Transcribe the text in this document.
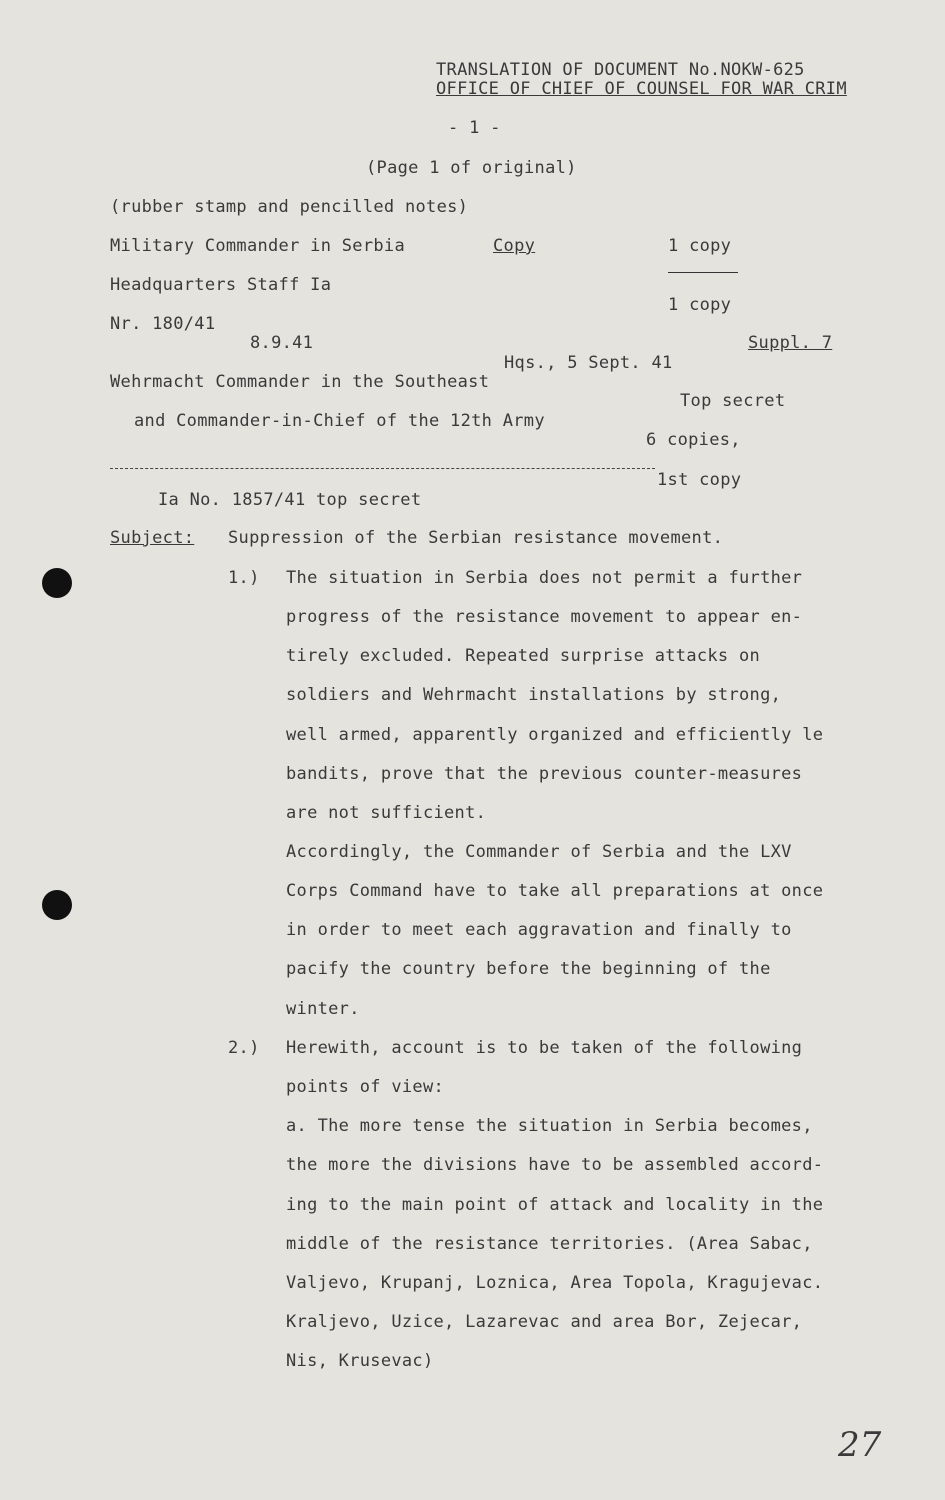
TRANSLATION OF DOCUMENT No.NOKW-625
OFFICE OF CHIEF OF COUNSEL FOR WAR CRIM
- 1 -
(Page 1 of original)
(rubber stamp and pencilled notes)
Military Commander in Serbia	Copy	1 copy
Headquarters Staff Ia
1 copy
Nr. 180/41
8.9.41	Suppl. 7
Hqs., 5 Sept. 41
Wehrmacht Commander in the Southeast
Top secret
and Commander-in-Chief of the 12th Army
6 copies,
1st copy
Ia No. 1857/41 top secret
Subject: Suppression of the Serbian resistance movement.
1.) The situation in Serbia does not permit a further
progress of the resistance movement to appear en-
tirely excluded. Repeated surprise attacks on
soldiers and Wehrmacht installations by strong,
well armed, apparently organized and efficiently le
bandits, prove that the previous counter-measures
are not sufficient.
Accordingly, the Commander of Serbia and the LXV
Corps Command have to take all preparations at once
in order to meet each aggravation and finally to
pacify the country before the beginning of the
winter.
2.) Herewith, account is to be taken of the following
points of view:
a. The more tense the situation in Serbia becomes,
the more the divisions have to be assembled accord-
ing to the main point of attack and locality in the
middle of the resistance territories. (Area Sabac,
Valjevo, Krupanj, Loznica, Area Topola, Kragujevac.
Kraljevo, Uzice, Lazarevac and area Bor, Zejecar,
Nis, Krusevac)
27
